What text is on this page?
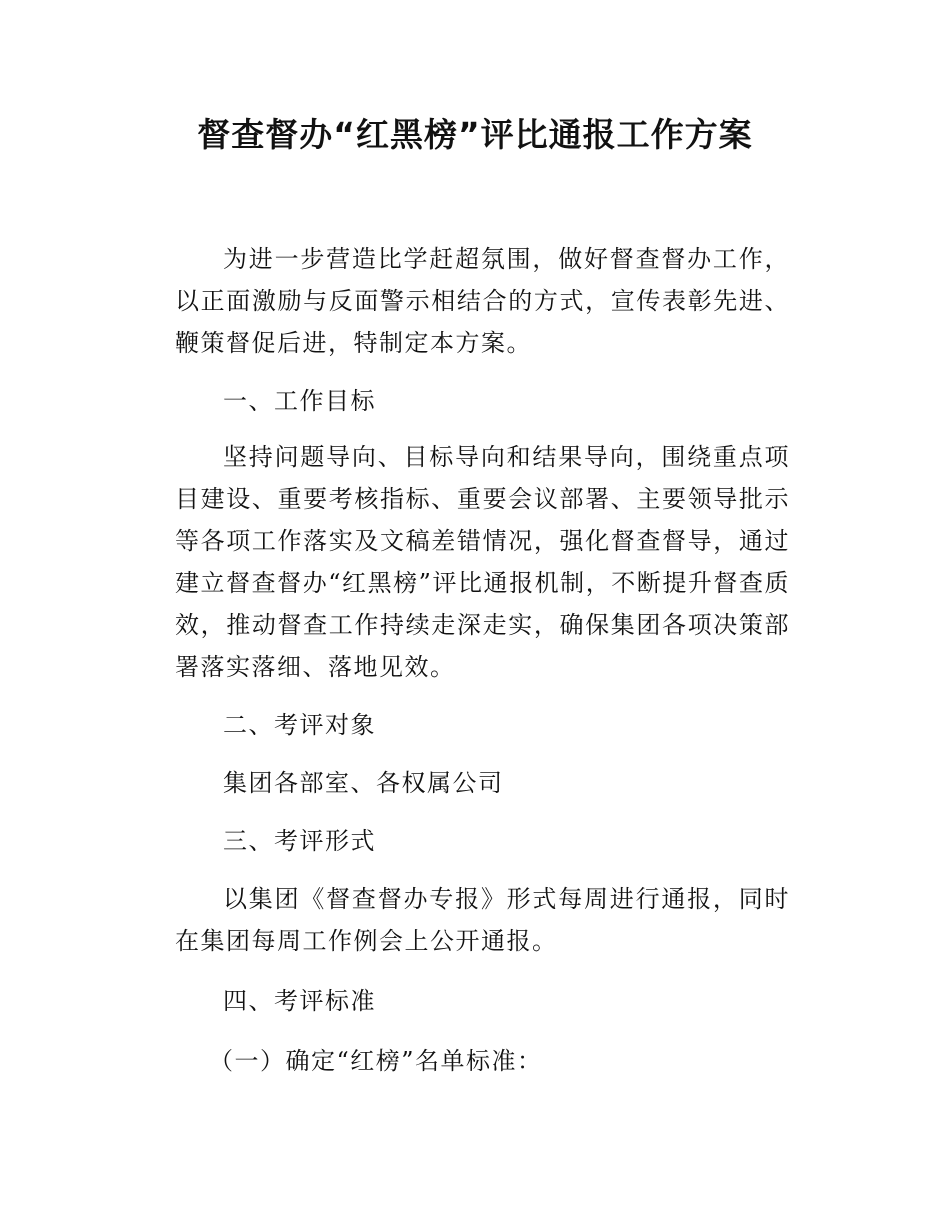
督查督办“红黑榜”评比通报工作方案

为进一步营造比学赶超氛围，做好督查督办工作，以正面激励与反面警示相结合的方式，宣传表彰先进、鞭策督促后进，特制定本方案。

一、工作目标

坚持问题导向、目标导向和结果导向，围绕重点项目建设、重要考核指标、重要会议部署、主要领导批示等各项工作落实及文稿差错情况，强化督查督导，通过建立督查督办“红黑榜”评比通报机制，不断提升督查质效，推动督查工作持续走深走实，确保集团各项决策部署落实落细、落地见效。

二、考评对象

集团各部室、各权属公司

三、考评形式

以集团《督查督办专报》形式每周进行通报，同时在集团每周工作例会上公开通报。

四、考评标准

（一）确定“红榜”名单标准：
